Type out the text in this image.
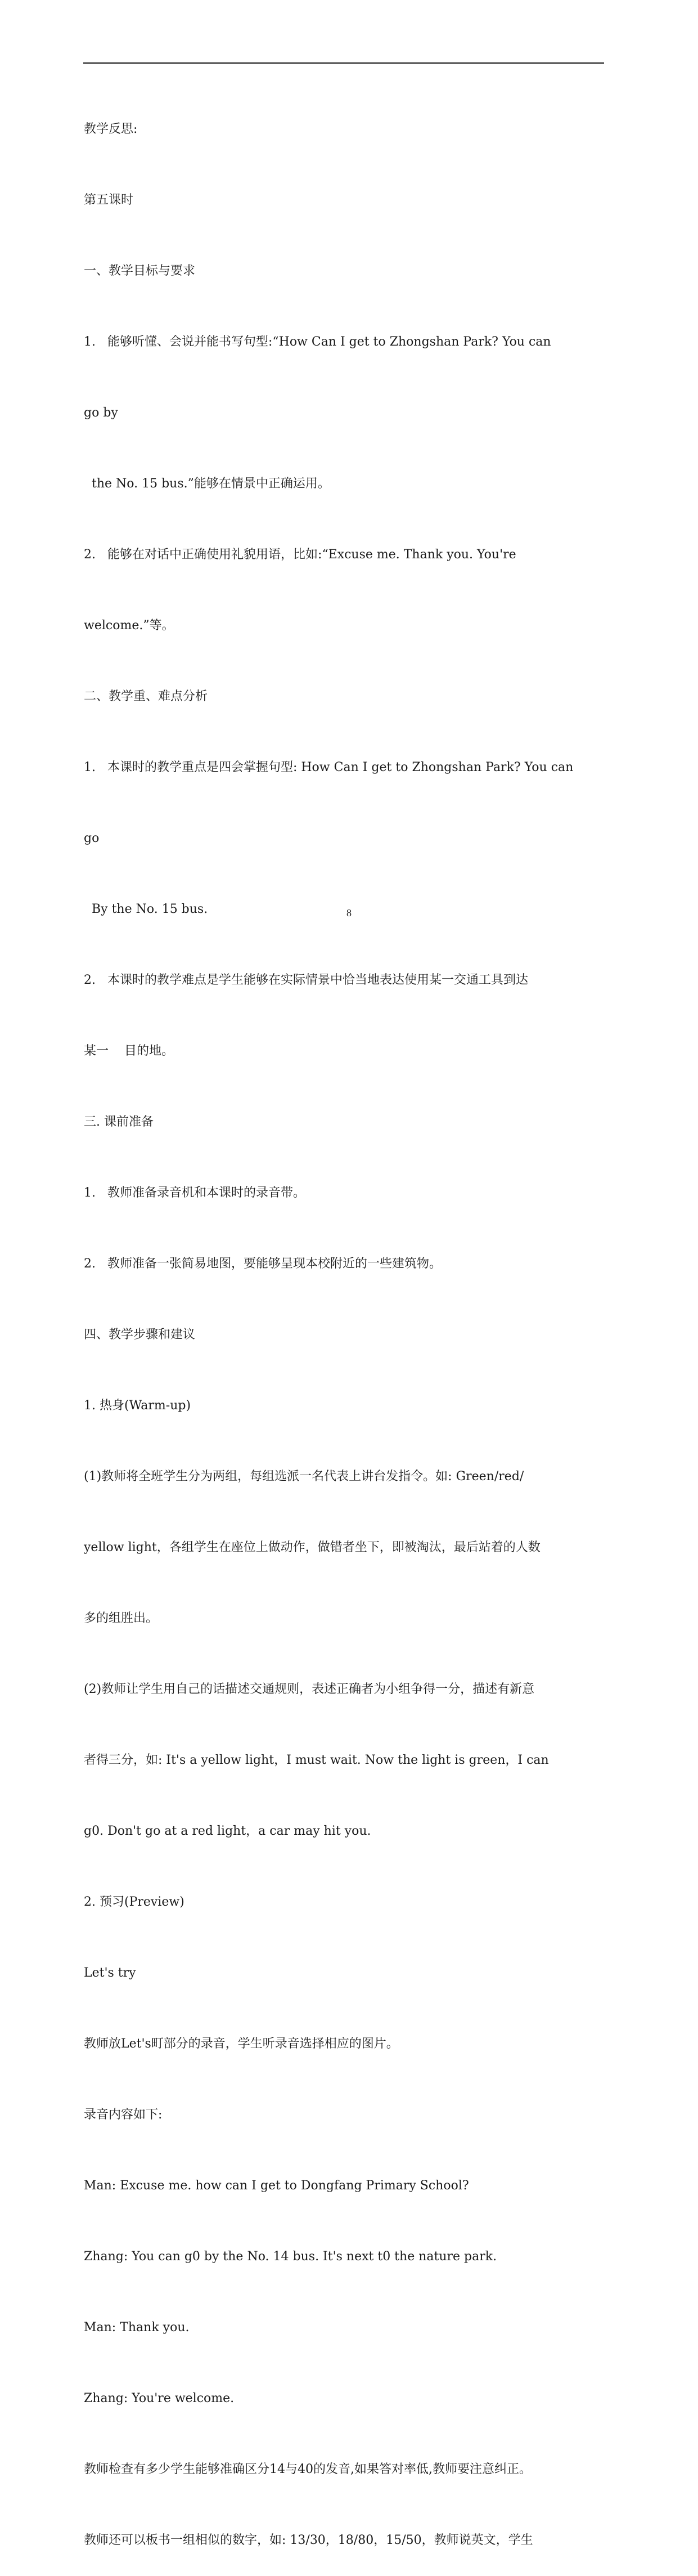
教学反思:

第五课时

一、教学目标与要求

1.   能够听懂、会说并能书写句型:“How Can I get to Zhongshan Park? You can

go by

the No. 15 bus.”能够在情景中正确运用。

2.   能够在对话中正确使用礼貌用语，比如:“Excuse me. Thank you. You're

welcome.”等。

二、教学重、难点分析

1.   本课时的教学重点是四会掌握句型: How Can I get to Zhongshan Park? You can

go

By the No. 15 bus.

2.   本课时的教学难点是学生能够在实际情景中恰当地表达使用某一交通工具到达

某一    目的地。

三. 课前准备

1.   教师准备录音机和本课时的录音带。

2.   教师准备一张简易地图，要能够呈现本校附近的一些建筑物。

四、教学步骤和建议

1. 热身(Warm-up)

(1)教师将全班学生分为两组，每组选派一名代表上讲台发指令。如: Green/red/

yellow light，各组学生在座位上做动作，做错者坐下，即被淘汰，最后站着的人数

多的组胜出。

(2)教师让学生用自己的话描述交通规则，表述正确者为小组争得一分，描述有新意

者得三分，如: It's a yellow light，I must wait. Now the light is green，I can

g0. Don't go at a red light，a car may hit you.

2. 预习(Preview)

Let's try

教师放Let's町部分的录音，学生听录音选择相应的图片。

录音内容如下:

Man: Excuse me. how can I get to Dongfang Primary School?

Zhang: You can g0 by the No. 14 bus. It's next t0 the nature park.

Man: Thank you.

Zhang: You're welcome.

教师检查有多少学生能够准确区分14与40的发音,如果答对率低,教师要注意纠正。

教师还可以板书一组相似的数字，如: 13/30，18/80，15/50，教师说英文，学生

8
